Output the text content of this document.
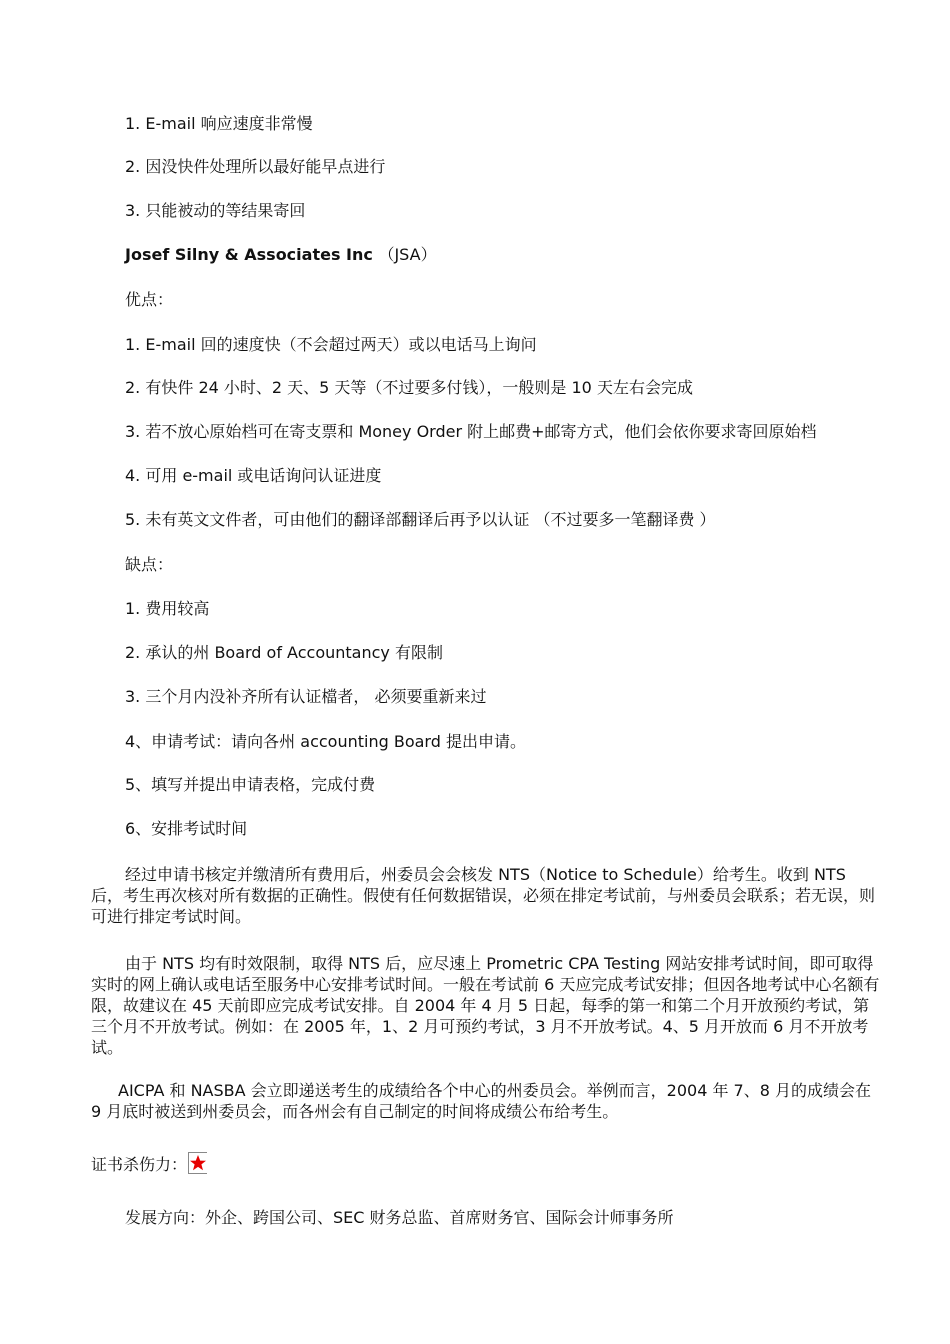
1. E-mail 响应速度非常慢
2. 因没快件处理所以最好能早点进行
3. 只能被动的等结果寄回
Josef Silny & Associates Inc （JSA）
优点：
1. E-mail 回的速度快（不会超过两天）或以电话马上询问
2. 有快件 24 小时、2 天、5 天等（不过要多付钱），一般则是 10 天左右会完成
3. 若不放心原始档可在寄支票和 Money Order 附上邮费+邮寄方式，他们会依你要求寄回原始档
4. 可用 e-mail 或电话询问认证进度
5. 未有英文文件者，可由他们的翻译部翻译后再予以认证 （不过要多一笔翻译费 ）
缺点：
1. 费用较高
2. 承认的州 Board of Accountancy 有限制
3. 三个月内没补齐所有认证檔者， 必须要重新来过
4、申请考试：请向各州 accounting Board 提出申请。
5、填写并提出申请表格，完成付费
6、安排考试时间
经过申请书核定并缴清所有费用后，州委员会会核发 NTS（Notice to Schedule）给考生。收到 NTS 后，考生再次核对所有数据的正确性。假使有任何数据错误，必须在排定考试前，与州委员会联系；若无误，则可进行排定考试时间。
由于 NTS 均有时效限制，取得 NTS 后，应尽速上 Prometric CPA Testing 网站安排考试时间，即可取得实时的网上确认或电话至服务中心安排考试时间。一般在考试前 6 天应完成考试安排；但因各地考试中心名额有限，故建议在 45 天前即应完成考试安排。自 2004 年 4 月 5 日起，每季的第一和第二个月开放预约考试，第三个月不开放考试。例如：在 2005 年，1、2 月可预约考试，3 月不开放考试。4、5 月开放而 6 月不开放考试。
AICPA 和 NASBA 会立即递送考生的成绩给各个中心的州委员会。举例而言，2004 年 7、8 月的成绩会在 9 月底时被送到州委员会，而各州会有自己制定的时间将成绩公布给考生。
证书杀伤力：
发展方向：外企、跨国公司、SEC 财务总监、首席财务官、国际会计师事务所
